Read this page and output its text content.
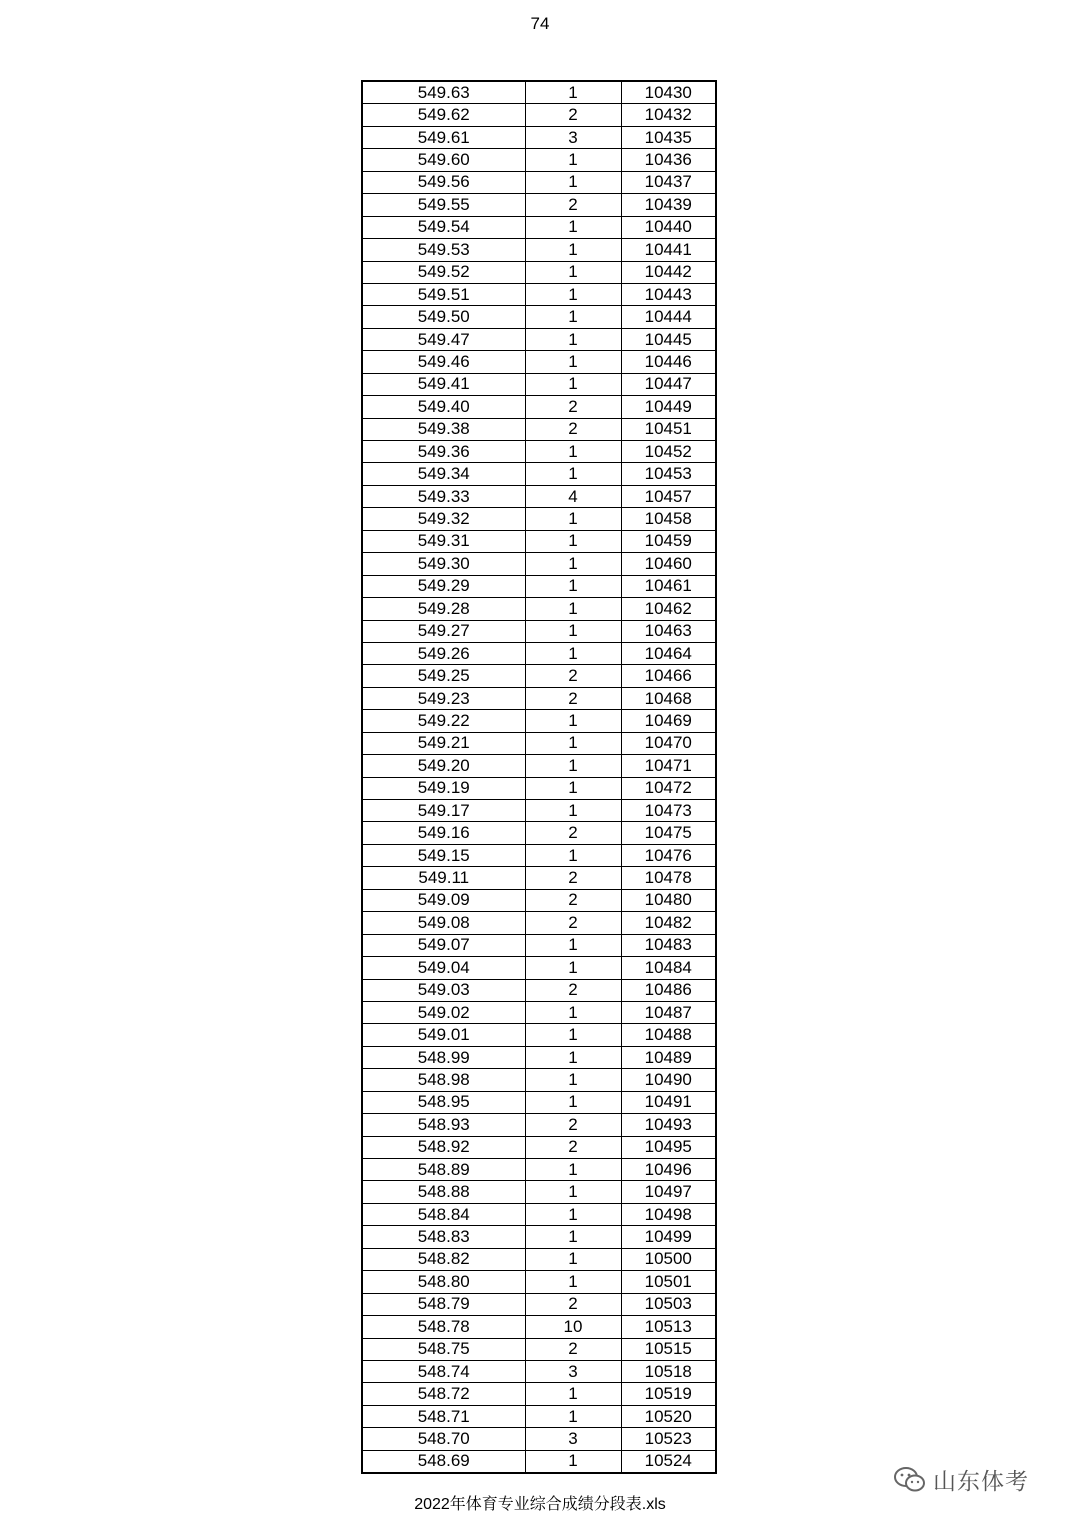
74
549.63	1	10430
549.62	2	10432
549.61	3	10435
549.60	1	10436
549.56	1	10437
549.55	2	10439
549.54	1	10440
549.53	1	10441
549.52	1	10442
549.51	1	10443
549.50	1	10444
549.47	1	10445
549.46	1	10446
549.41	1	10447
549.40	2	10449
549.38	2	10451
549.36	1	10452
549.34	1	10453
549.33	4	10457
549.32	1	10458
549.31	1	10459
549.30	1	10460
549.29	1	10461
549.28	1	10462
549.27	1	10463
549.26	1	10464
549.25	2	10466
549.23	2	10468
549.22	1	10469
549.21	1	10470
549.20	1	10471
549.19	1	10472
549.17	1	10473
549.16	2	10475
549.15	1	10476
549.11	2	10478
549.09	2	10480
549.08	2	10482
549.07	1	10483
549.04	1	10484
549.03	2	10486
549.02	1	10487
549.01	1	10488
548.99	1	10489
548.98	1	10490
548.95	1	10491
548.93	2	10493
548.92	2	10495
548.89	1	10496
548.88	1	10497
548.84	1	10498
548.83	1	10499
548.82	1	10500
548.80	1	10501
548.79	2	10503
548.78	10	10513
548.75	2	10515
548.74	3	10518
548.72	1	10519
548.71	1	10520
548.70	3	10523
548.69	1	10524
山东体考
2022年体育专业综合成绩分段表.xls
